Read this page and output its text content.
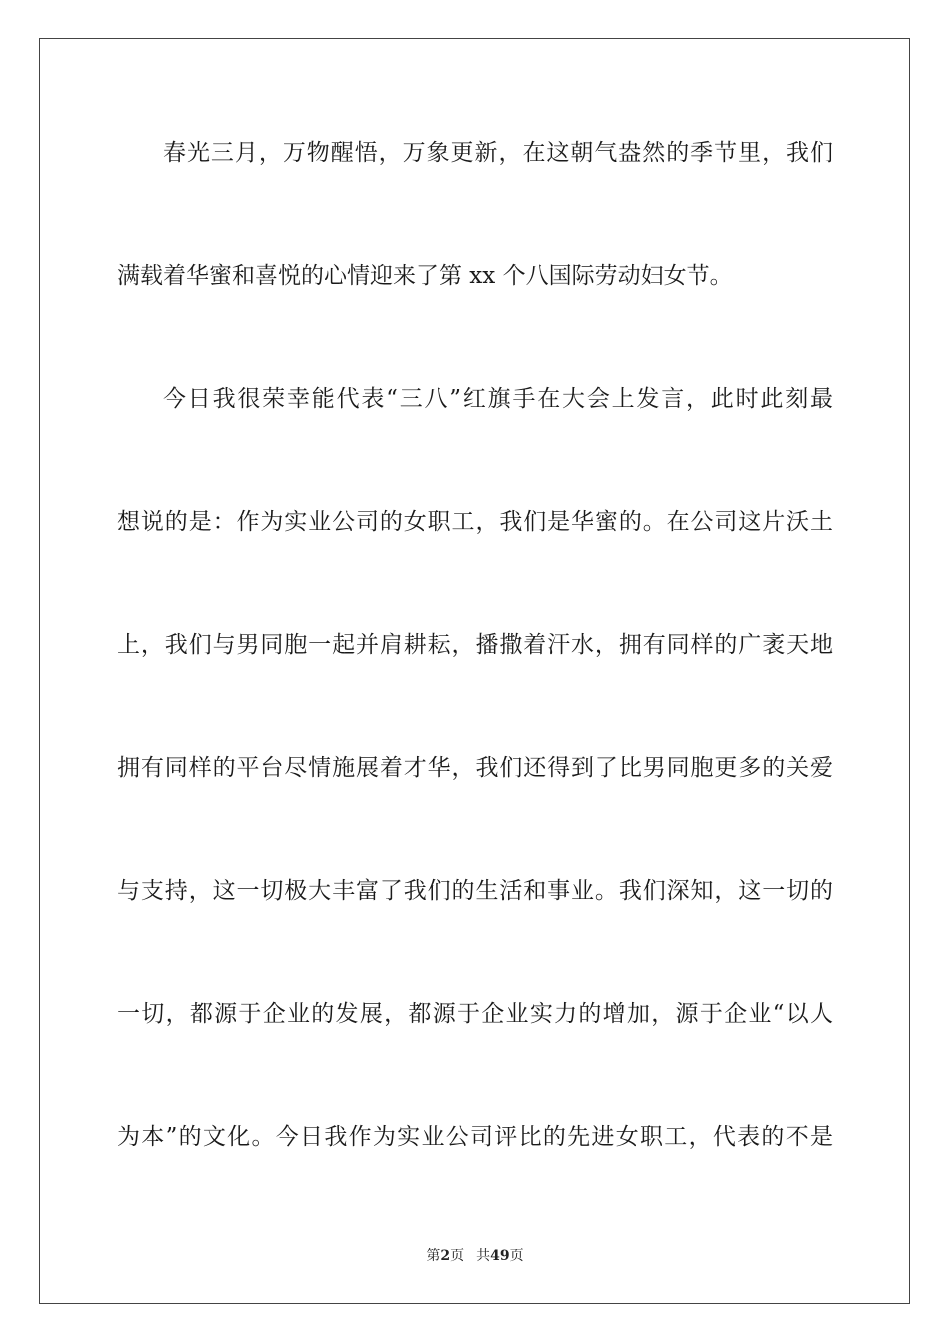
春光三月，万物醒悟，万象更新，在这朝气盎然的季节里，我们
满载着华蜜和喜悦的心情迎来了第 xx 个八国际劳动妇女节。
今日我很荣幸能代表“三八”红旗手在大会上发言，此时此刻最
想说的是：作为实业公司的女职工，我们是华蜜的。在公司这片沃土
上，我们与男同胞一起并肩耕耘，播撒着汗水，拥有同样的广袤天地
拥有同样的平台尽情施展着才华，我们还得到了比男同胞更多的关爱
与支持，这一切极大丰富了我们的生活和事业。我们深知，这一切的
一切，都源于企业的发展，都源于企业实力的增加，源于企业“以人
为本”的文化。今日我作为实业公司评比的先进女职工，代表的不是
第2页 共49页
